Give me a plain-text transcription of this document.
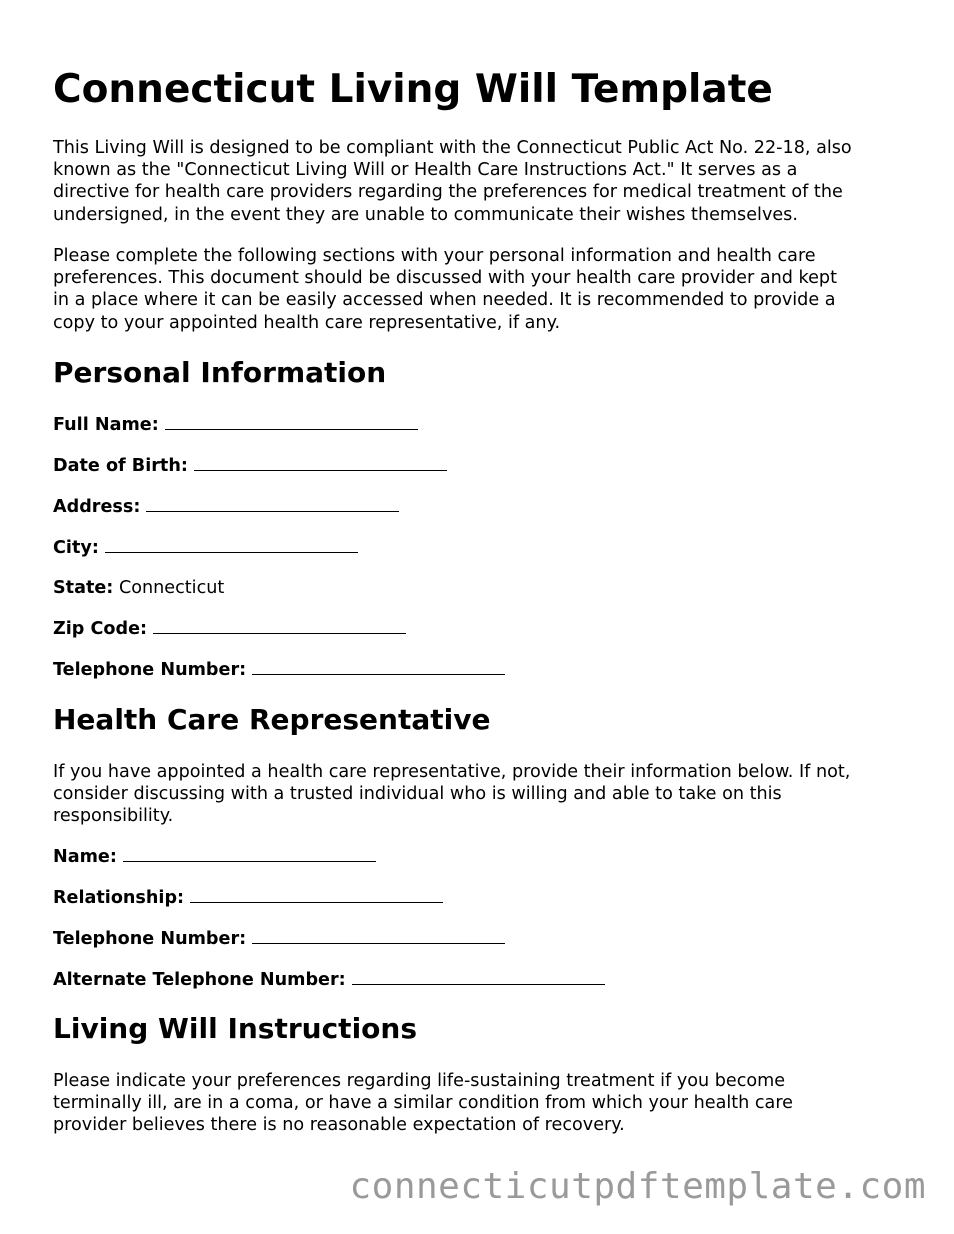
Connecticut Living Will Template

This Living Will is designed to be compliant with the Connecticut Public Act No. 22-18, also
known as the "Connecticut Living Will or Health Care Instructions Act." It serves as a
directive for health care providers regarding the preferences for medical treatment of the
undersigned, in the event they are unable to communicate their wishes themselves.

Please complete the following sections with your personal information and health care
preferences. This document should be discussed with your health care provider and kept
in a place where it can be easily accessed when needed. It is recommended to provide a
copy to your appointed health care representative, if any.

Personal Information
Full Name:
Date of Birth:
Address:
City:
State: Connecticut
Zip Code:
Telephone Number:
Health Care Representative

If you have appointed a health care representative, provide their information below. If not,
consider discussing with a trusted individual who is willing and able to take on this
responsibility.

Name:
Relationship:
Telephone Number:
Alternate Telephone Number:
Living Will Instructions

Please indicate your preferences regarding life-sustaining treatment if you become
terminally ill, are in a coma, or have a similar condition from which your health care
provider believes there is no reasonable expectation of recovery.

connecticutpdftemplate.com
